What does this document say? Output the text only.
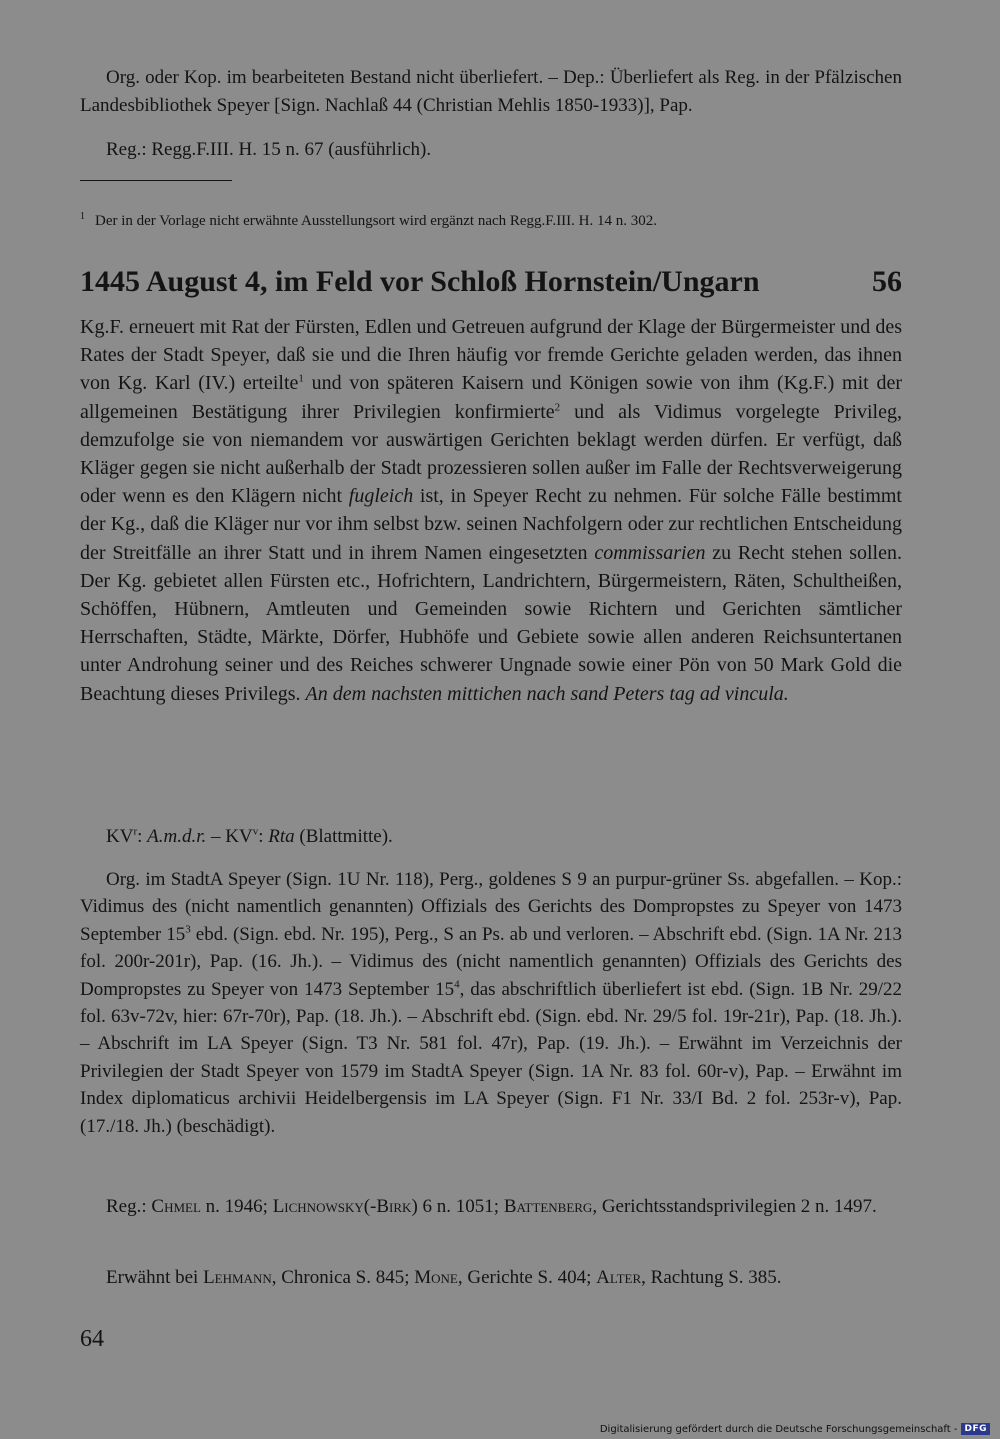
Org. oder Kop. im bearbeiteten Bestand nicht überliefert. – Dep.: Überliefert als Reg. in der Pfälzischen Landesbibliothek Speyer [Sign. Nachlaß 44 (Christian Mehlis 1850-1933)], Pap.

Reg.: Regg.F.III. H. 15 n. 67 (ausführlich).

$^1$ Der in der Vorlage nicht erwähnte Ausstellungsort wird ergänzt nach Regg.F.III. H. 14 n. 302.

1445 August 4, im Feld vor Schloß Hornstein/Ungarn	56

Kg.F. erneuert mit Rat der Fürsten, Edlen und Getreuen aufgrund der Klage der Bürgermeister und des Rates der Stadt Speyer, daß sie und die Ihren häufig vor fremde Gerichte geladen werden, das ihnen von Kg. Karl (IV.) erteilte$^1$ und von späteren Kaisern und Königen sowie von ihm (Kg.F.) mit der allgemeinen Bestätigung ihrer Privilegien konfirmierte$^2$ und als Vidimus vorgelegte Privileg, demzufolge sie von niemandem vor auswärtigen Gerichten beklagt werden dürfen. Er verfügt, daß Kläger gegen sie nicht außerhalb der Stadt prozessieren sollen außer im Falle der Rechtsverweigerung oder wenn es den Klägern nicht fugleich ist, in Speyer Recht zu nehmen. Für solche Fälle bestimmt der Kg., daß die Kläger nur vor ihm selbst bzw. seinen Nachfolgern oder zur rechtlichen Entscheidung der Streitfälle an ihrer Statt und in ihrem Namen eingesetzten commissarien zu Recht stehen sollen. Der Kg. gebietet allen Fürsten etc., Hofrichtern, Landrichtern, Bürgermeistern, Räten, Schultheißen, Schöffen, Hübnern, Amtleuten und Gemeinden sowie Richtern und Gerichten sämtlicher Herrschaften, Städte, Märkte, Dörfer, Hubhöfe und Gebiete sowie allen anderen Reichsuntertanen unter Androhung seiner und des Reiches schwerer Ungnade sowie einer Pön von 50 Mark Gold die Beachtung dieses Privilegs. An dem nachsten mittichen nach sand Peters tag ad vincula.

$KV^r$: A.m.d.r. – $KV^v$: Rta (Blattmitte).

Org. im StadtA Speyer (Sign. 1U Nr. 118), Perg., goldenes S 9 an purpur-grüner Ss. abgefallen. – Kop.: Vidimus des (nicht namentlich genannten) Offizials des Gerichts des Dompropstes zu Speyer von 1473 September $15^3$ ebd. (Sign. ebd. Nr. 195), Perg., S an Ps. ab und verloren. – Abschrift ebd. (Sign. 1A Nr. 213 fol. 200r-201r), Pap. (16. Jh.). – Vidimus des (nicht namentlich genannten) Offizials des Gerichts des Dompropstes zu Speyer von 1473 September $15^4$, das abschriftlich überliefert ist ebd. (Sign. 1B Nr. 29/22 fol. 63v-72v, hier: 67r-70r), Pap. (18. Jh.). – Abschrift ebd. (Sign. ebd. Nr. 29/5 fol. 19r-21r), Pap. (18. Jh.). – Abschrift im LA Speyer (Sign. T3 Nr. 581 fol. 47r), Pap. (19. Jh.). – Erwähnt im Verzeichnis der Privilegien der Stadt Speyer von 1579 im StadtA Speyer (Sign. 1A Nr. 83 fol. 60r-v), Pap. – Erwähnt im Index diplomaticus archivii Heidelbergensis im LA Speyer (Sign. F1 Nr. 33/I Bd. 2 fol. 253r-v), Pap. (17./18. Jh.) (beschädigt).

Reg.: Chmel n. 1946; Lichnowsky(-Birk) 6 n. 1051; Battenberg, Gerichtsstandsprivilegien 2 n. 1497.

Erwähnt bei Lehmann, Chronica S. 845; Mone, Gerichte S. 404; Alter, Rachtung S. 385.

64
Digitalisierung gefördert durch die Deutsche Forschungsgemeinschaft - DFG
